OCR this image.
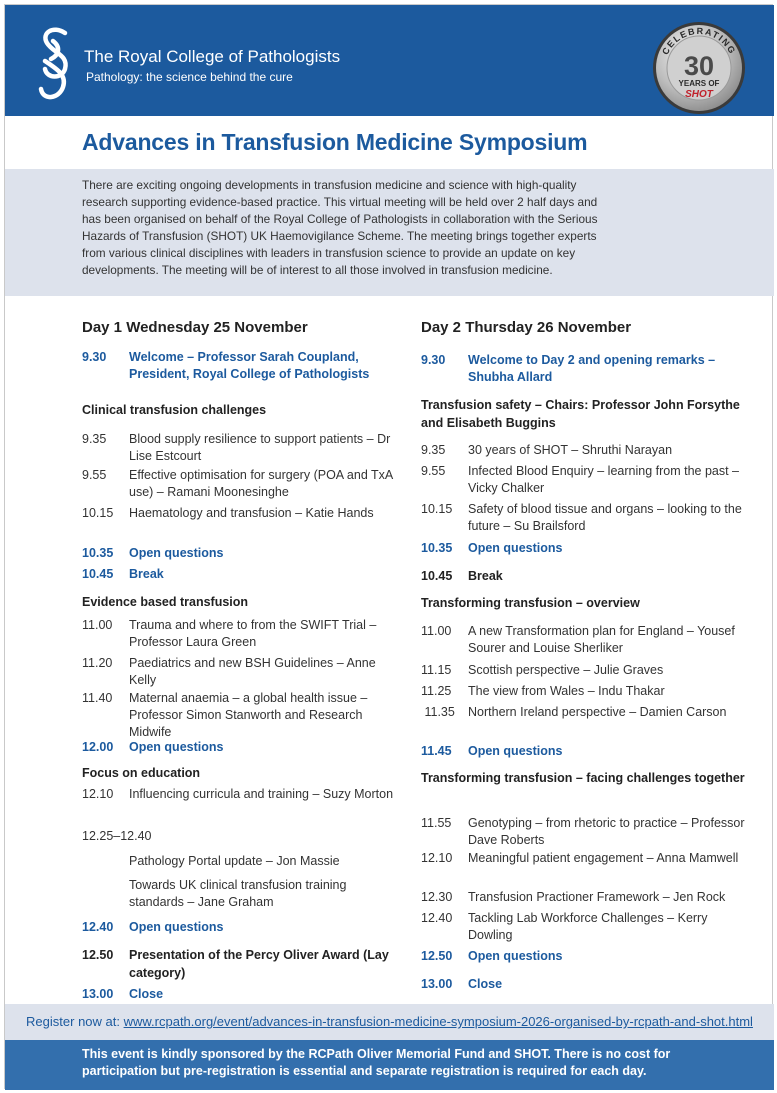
The Royal College of Pathologists
Pathology: the science behind the cure
CELEBRATING
30
YEARS OF
SHOT
Advances in Transfusion Medicine Symposium

There are exciting ongoing developments in transfusion medicine and science with high-quality research supporting evidence-based practice. This virtual meeting will be held over 2 half days and has been organised on behalf of the Royal College of Pathologists in collaboration with the Serious Hazards of Transfusion (SHOT) UK Haemovigilance Scheme. The meeting brings together experts from various clinical disciplines with leaders in transfusion science to provide an update on key developments. The meeting will be of interest to all those involved in transfusion medicine.

Day 1 Wednesday 25 November
9.30 Welcome – Professor Sarah Coupland, President, Royal College of Pathologists
Clinical transfusion challenges
9.35 Blood supply resilience to support patients – Dr Lise Estcourt
9.55 Effective optimisation for surgery (POA and TxA use) – Ramani Moonesinghe
10.15 Haematology and transfusion – Katie Hands
10.35 Open questions
10.45 Break
Evidence based transfusion
11.00 Trauma and where to from the SWIFT Trial – Professor Laura Green
11.20 Paediatrics and new BSH Guidelines – Anne Kelly
11.40 Maternal anaemia – a global health issue – Professor Simon Stanworth and Research Midwife
12.00 Open questions
Focus on education
12.10 Influencing curricula and training – Suzy Morton
12.25–12.40
Pathology Portal update – Jon Massie
Towards UK clinical transfusion training standards – Jane Graham
12.40 Open questions
12.50 Presentation of the Percy Oliver Award (Lay category)
13.00 Close
Day 2 Thursday 26 November
9.30 Welcome to Day 2 and opening remarks – Shubha Allard
Transfusion safety – Chairs: Professor John Forsythe and Elisabeth Buggins
9.35 30 years of SHOT – Shruthi Narayan
9.55 Infected Blood Enquiry – learning from the past – Vicky Chalker
10.15 Safety of blood tissue and organs – looking to the future – Su Brailsford
10.35 Open questions
10.45 Break
Transforming transfusion – overview
11.00 A new Transformation plan for England – Yousef Sourer and Louise Sherliker
11.15 Scottish perspective – Julie Graves
11.25 The view from Wales – Indu Thakar
11.35 Northern Ireland perspective – Damien Carson
11.45 Open questions
Transforming transfusion – facing challenges together
11.55 Genotyping – from rhetoric to practice – Professor Dave Roberts
12.10 Meaningful patient engagement – Anna Mamwell
12.30 Transfusion Practioner Framework – Jen Rock
12.40 Tackling Lab Workforce Challenges – Kerry Dowling
12.50 Open questions
13.00 Close
Register now at: www.rcpath.org/event/advances-in-transfusion-medicine-symposium-2026-organised-by-rcpath-and-shot.html

This event is kindly sponsored by the RCPath Oliver Memorial Fund and SHOT. There is no cost for participation but pre-registration is essential and separate registration is required for each day.
